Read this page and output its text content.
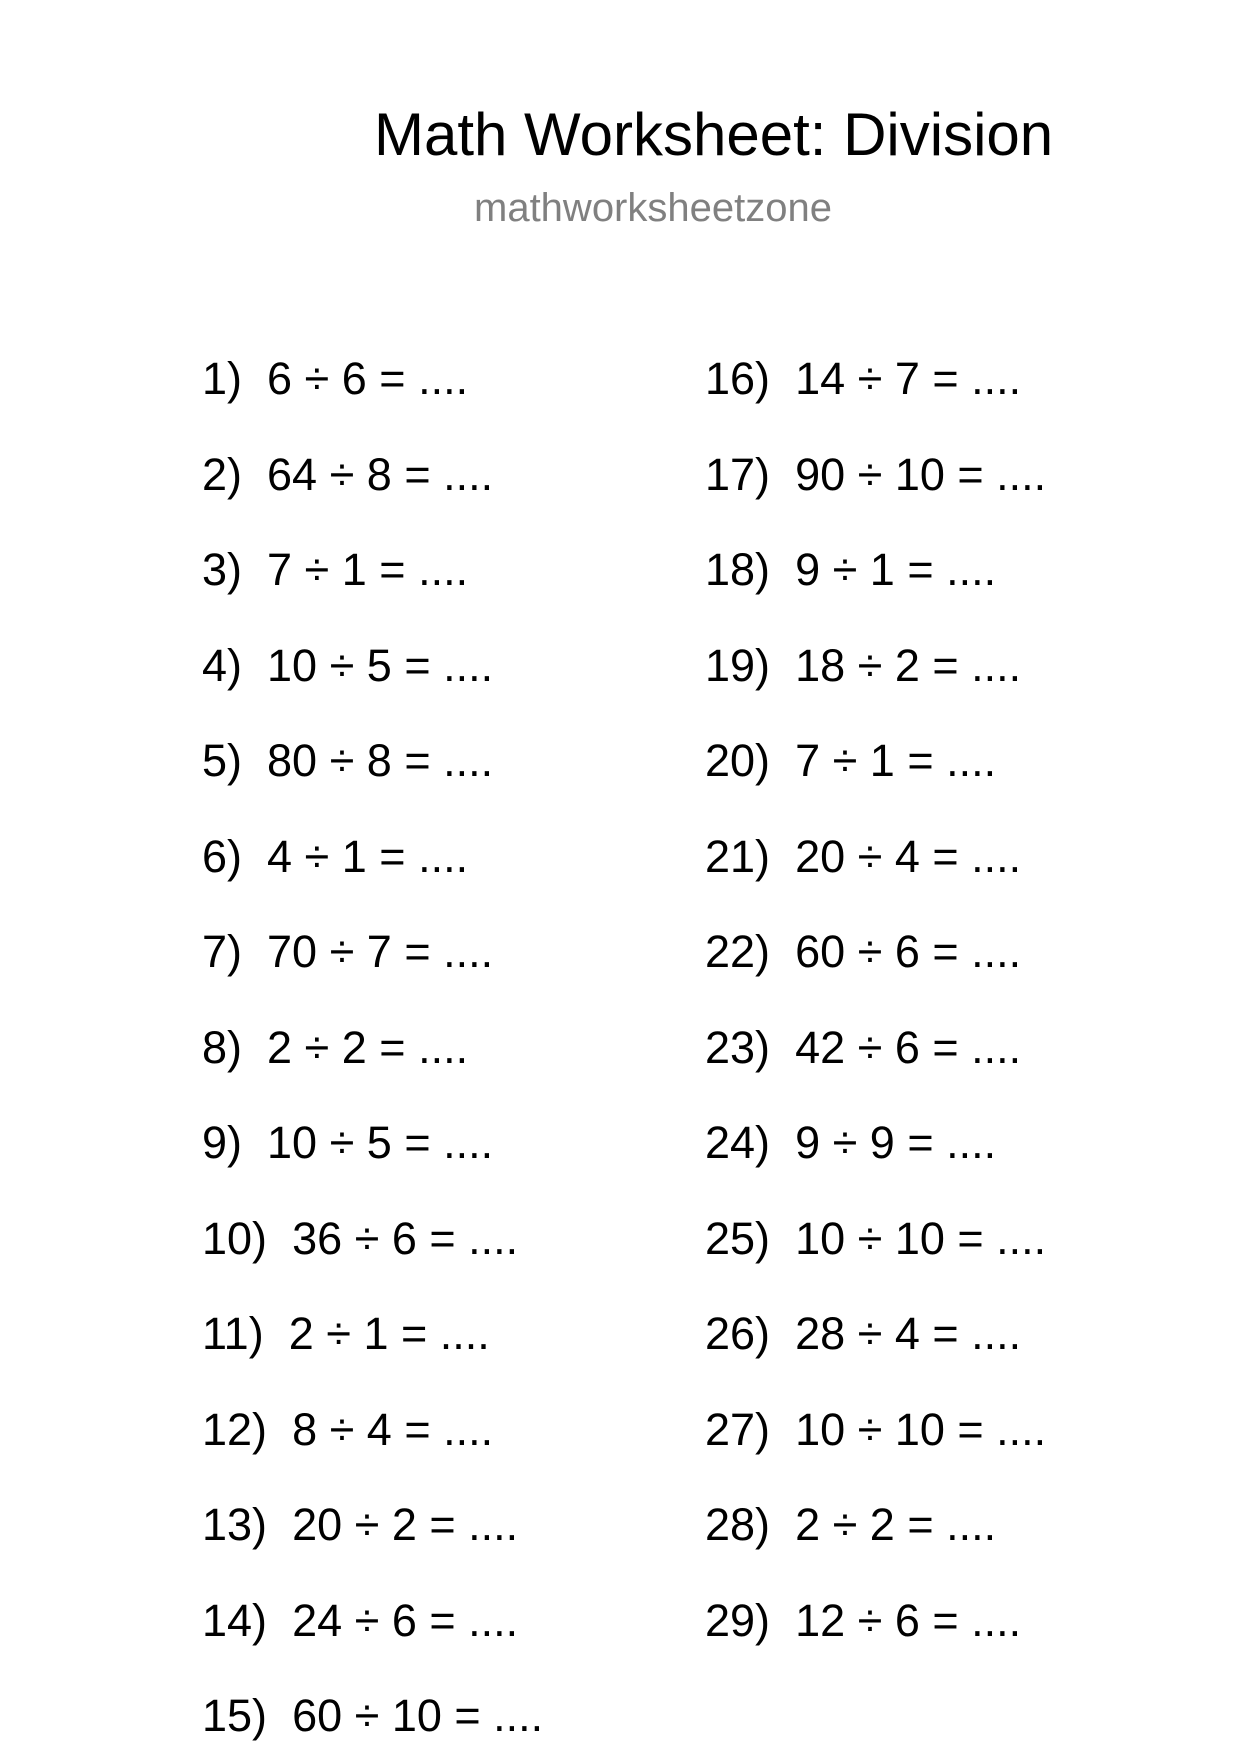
Math Worksheet: Division
mathworksheetzone
1) 6 ÷ 6 = ....
2) 64 ÷ 8 = ....
3) 7 ÷ 1 = ....
4) 10 ÷ 5 = ....
5) 80 ÷ 8 = ....
6) 4 ÷ 1 = ....
7) 70 ÷ 7 = ....
8) 2 ÷ 2 = ....
9) 10 ÷ 5 = ....
10) 36 ÷ 6 = ....
11) 2 ÷ 1 = ....
12) 8 ÷ 4 = ....
13) 20 ÷ 2 = ....
14) 24 ÷ 6 = ....
15) 60 ÷ 10 = ....
16) 14 ÷ 7 = ....
17) 90 ÷ 10 = ....
18) 9 ÷ 1 = ....
19) 18 ÷ 2 = ....
20) 7 ÷ 1 = ....
21) 20 ÷ 4 = ....
22) 60 ÷ 6 = ....
23) 42 ÷ 6 = ....
24) 9 ÷ 9 = ....
25) 10 ÷ 10 = ....
26) 28 ÷ 4 = ....
27) 10 ÷ 10 = ....
28) 2 ÷ 2 = ....
29) 12 ÷ 6 = ....
